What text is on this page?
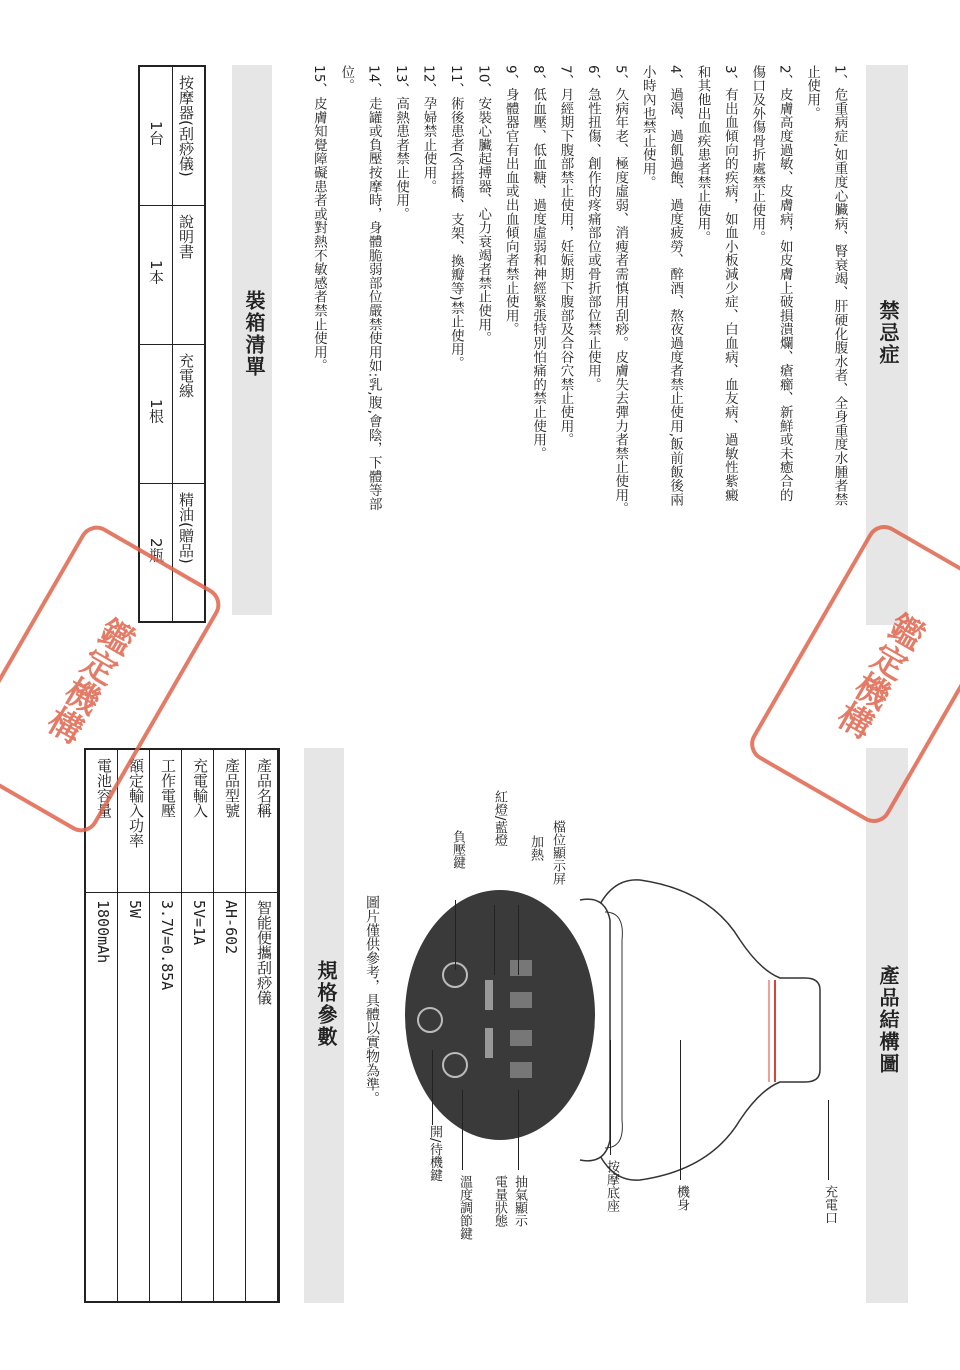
禁忌症
1、危重病症,如重度心臟病、腎衰竭、肝硬化腹水者、全身重度水腫者禁
止使用。
2、皮膚高度過敏、皮膚病，如皮膚上破損潰爛、瘡癤、新鮮或未癒合的
傷口及外傷骨折處禁止使用。
3、有出血傾向的疾病，如血小板減少症、白血病、血友病、過敏性紫癜
和其他出血疾患者禁止使用。
4、過渴、過飢過飽、過度疲勞、醉酒、熬夜過度者禁止使用,飯前飯後兩
小時內也禁止使用。
5、久病年老、極度虛弱、消瘦者需慎用刮痧。皮膚失去彈力者禁止使用。
6、急性扭傷、創作的疼痛部位或骨折部位禁止使用。
7、月經期下腹部禁止使用，妊娠期下腹部及合谷穴禁止使用。
8、低血壓、低血糖、過度虛弱和神經緊張特別怕痛的禁止使用。
9、身體器官有出血或出血傾向者禁止使用。
10、安裝心臟起搏器、心力衰竭者禁止使用。
11、術後患者(含搭橋、支架、換瓣等)禁止使用。
12、孕婦禁止使用。
13、高熱患者禁止使用。
14、走罐或負壓按摩時，身體脆弱部位嚴禁使用如:乳,腹,會陰，下體等部
位。
15、皮膚知覺障礙患者或對熱不敏感者禁止使用。
裝箱清單
按摩器(刮痧儀)
1台
說明書
1本
充電線
1根
精油(贈品)
2瓶
產品結構圖
充電口
機身
按摩底座
檔位顯示屏
加熱
紅燈/藍燈
負壓鍵
抽氣顯示
電量狀態
溫度調節鍵
開/待機鍵
圖片僅供參考，具體以實物為準。
規格參數
產品名稱
智能便攜刮痧儀
產品型號
AH-602
充電輸入
5V=1A
工作電壓
3.7V=0.85A
額定輸入功率
5W
電池容量
1800mAh
鑑定機構
鑑定機構
